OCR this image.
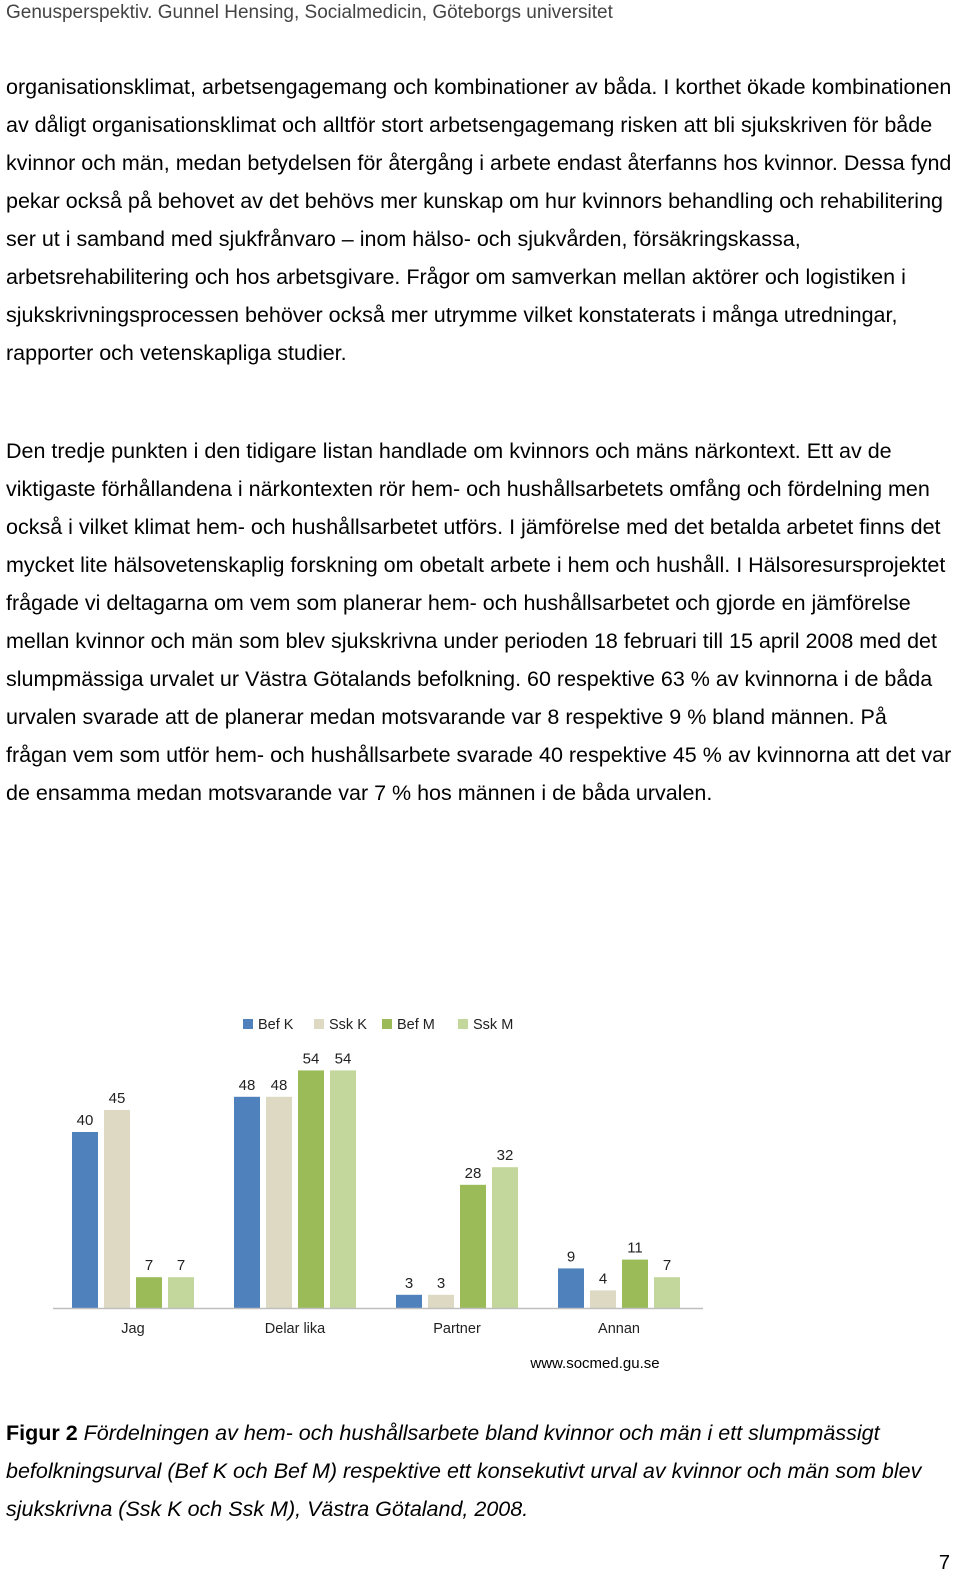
Genusperspektiv. Gunnel Hensing, Socialmedicin, Göteborgs universitet

organisationsklimat, arbetsengagemang och kombinationer av båda. I korthet ökade kombinationen av dåligt organisationsklimat och alltför stort arbetsengagemang risken att bli sjukskriven för både kvinnor och män, medan betydelsen för återgång i arbete endast återfanns hos kvinnor. Dessa fynd pekar också på behovet av det behövs mer kunskap om hur kvinnors behandling och rehabilitering ser ut i samband med sjukfrånvaro – inom hälso- och sjukvården, försäkringskassa, arbetsrehabilitering och hos arbetsgivare. Frågor om samverkan mellan aktörer och logistiken i sjukskrivningsprocessen behöver också mer utrymme vilket konstaterats i många utredningar, rapporter och vetenskapliga studier.

Den tredje punkten i den tidigare listan handlade om kvinnors och mäns närkontext. Ett av de viktigaste förhållandena i närkontexten rör hem- och hushållsarbetets omfång och fördelning men också i vilket klimat hem- och hushållsarbetet utförs. I jämförelse med det betalda arbetet finns det mycket lite hälsovetenskaplig forskning om obetalt arbete i hem och hushåll. I Hälsoresursprojektet frågade vi deltagarna om vem som planerar hem- och hushållsarbetet och gjorde en jämförelse mellan kvinnor och män som blev sjukskrivna under perioden 18 februari till 15 april 2008 med det slumpmässiga urvalet ur Västra Götalands befolkning. 60 respektive 63 % av kvinnorna i de båda urvalen svarade att de planerar medan motsvarande var 8 respektive 9 % bland männen. På frågan vem som utför hem- och hushållsarbete svarade 40 respektive 45 % av kvinnorna att det var de ensamma medan motsvarande var 7 % hos männen i de båda urvalen.

Bef K Ssk K Bef M	Ssk M
40
45
7 7
48 48
54 54
3 3
28
32
9
4
11
7
Jag	Delar lika	Partner	Annan
www.socmed.gu.se

Figur 2 Fördelningen av hem- och hushållsarbete bland kvinnor och män i ett slumpmässigt befolkningsurval (Bef K och Bef M) respektive ett konsekutivt urval av kvinnor och män som blev sjukskrivna (Ssk K och Ssk M), Västra Götaland, 2008.

7
